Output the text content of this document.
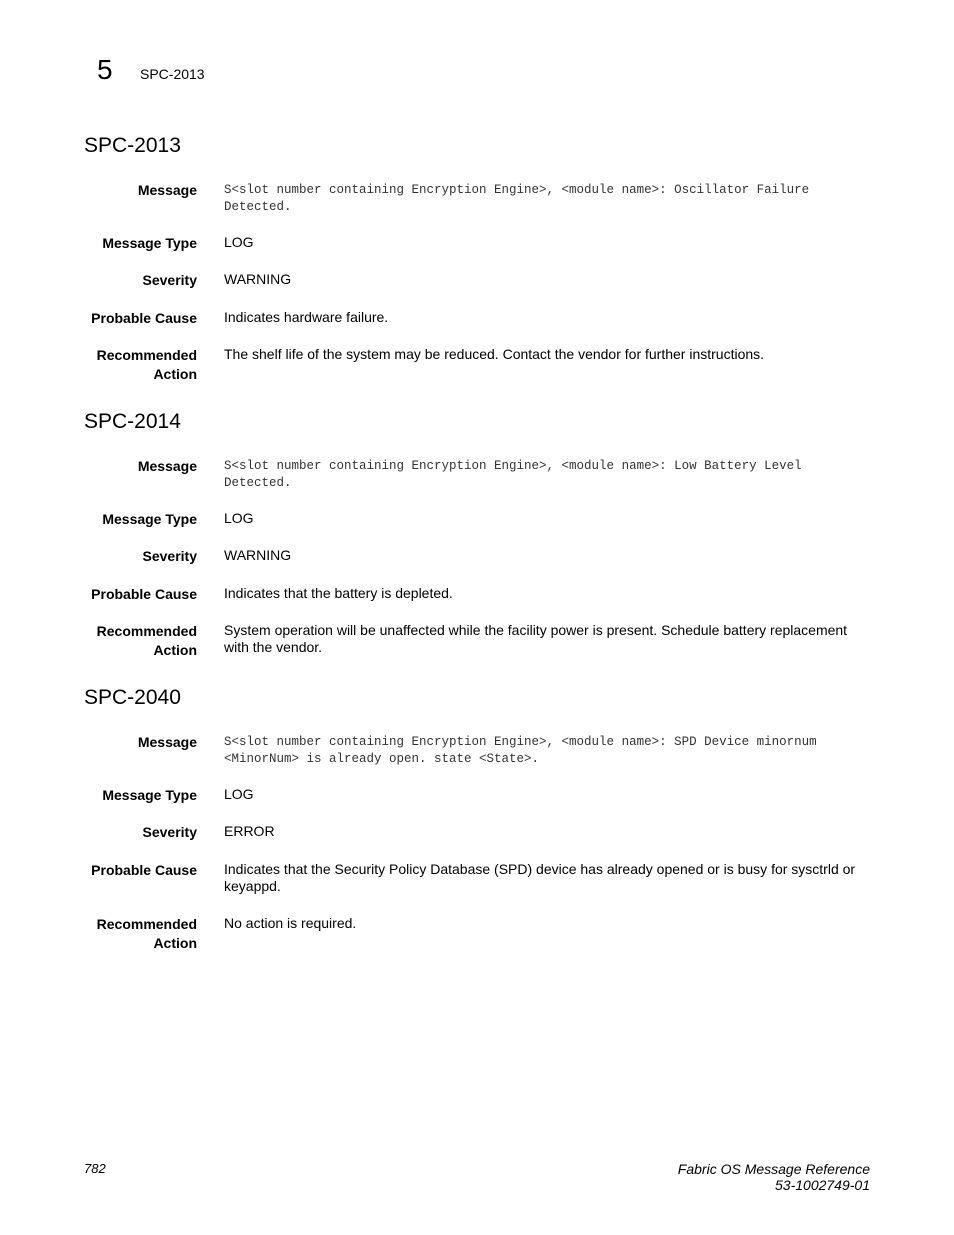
5 SPC-2013
SPC-2013
Message S<slot number containing Encryption Engine>, <module name>: Oscillator Failure
Detected.
Message Type LOG
Severity WARNING
Probable Cause Indicates hardware failure.
Recommended
Action
The shelf life of the system may be reduced. Contact the vendor for further instructions.
SPC-2014
Message S<slot number containing Encryption Engine>, <module name>: Low Battery Level
Detected.
Message Type LOG
Severity WARNING
Probable Cause Indicates that the battery is depleted.
Recommended
Action
System operation will be unaffected while the facility power is present. Schedule battery replacement
with the vendor.
SPC-2040
Message S<slot number containing Encryption Engine>, <module name>: SPD Device minornum
<MinorNum> is already open. state <State>.
Message Type LOG
Severity ERROR
Probable Cause Indicates that the Security Policy Database (SPD) device has already opened or is busy for sysctrld or
keyappd.
Recommended
Action
No action is required.
782	Fabric OS Message Reference
53-1002749-01
